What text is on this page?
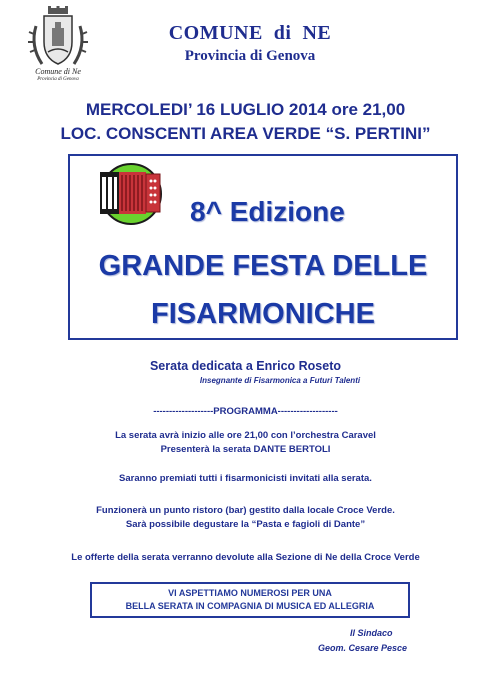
Comune di Ne
Provincia di Genova
COMUNE  di  NE
Provincia di Genova
MERCOLEDI’ 16 LUGLIO 2014 ore 21,00
LOC. CONSCENTI AREA VERDE “S. PERTINI”
8^ Edizione
GRANDE FESTA DELLE
FISARMONICHE
Serata dedicata a Enrico Roseto
Insegnante di Fisarmonica a Futuri Talenti
-------------------PROGRAMMA-------------------
La serata avrà inizio alle ore 21,00 con l’orchestra Caravel
Presenterà la serata DANTE BERTOLI
Saranno premiati tutti i fisarmonicisti invitati alla serata.
Funzionerà un punto ristoro (bar) gestito dalla locale Croce Verde.
Sarà possibile degustare la “Pasta e fagioli di Dante”
Le offerte della serata verranno devolute alla Sezione di Ne della Croce Verde
VI ASPETTIAMO NUMEROSI PER UNA
BELLA SERATA IN COMPAGNIA DI MUSICA ED ALLEGRIA
Il Sindaco
Geom. Cesare Pesce
